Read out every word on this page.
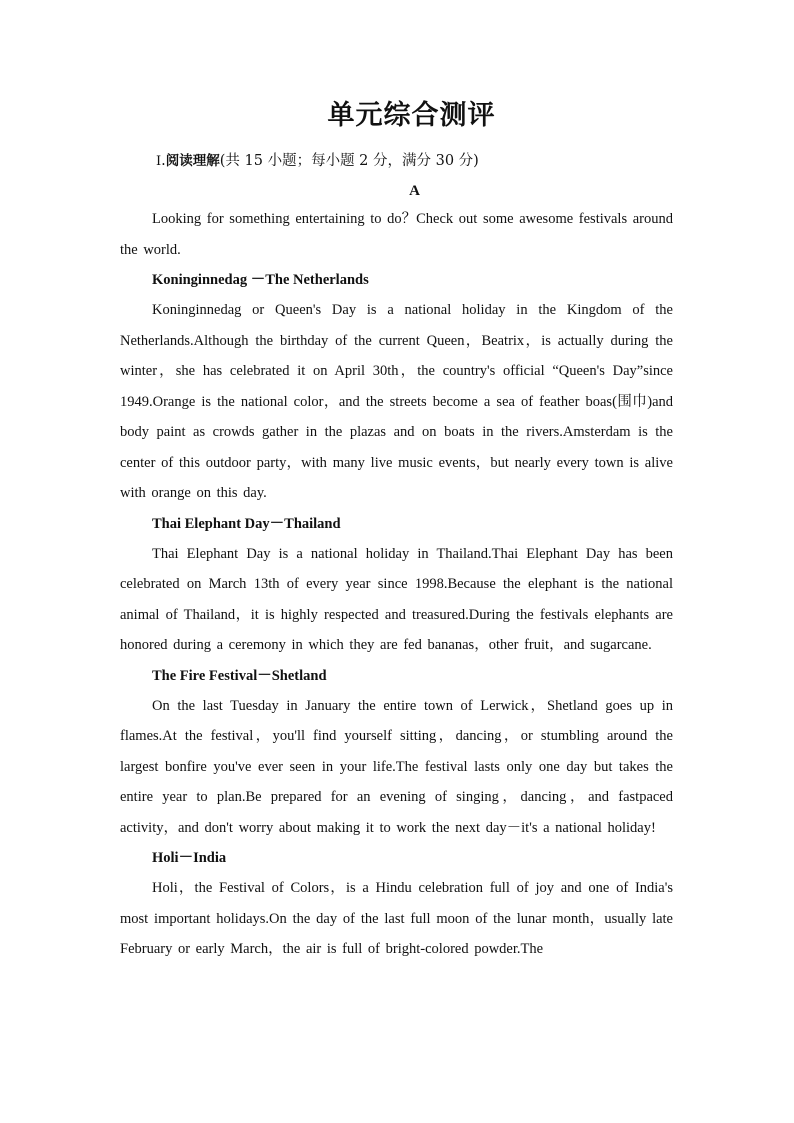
单元综合测评
Ⅰ.阅读理解(共 15 小题；每小题 2 分，满分 30 分)
A

Looking for something entertaining to do？Check out some awesome festivals around the world.

Koninginnedag －The Netherlands

Koninginnedag or Queen's Day is a national holiday in the Kingdom of the Netherlands.Although the birthday of the current Queen，Beatrix，is actually during the winter，she has celebrated it on April 30th，the country's official “Queen's Day”since 1949.Orange is the national color，and the streets become a sea of feather boas(围巾)and body paint as crowds gather in the plazas and on boats in the rivers.Amsterdam is the center of this outdoor party，with many live music events，but nearly every town is alive with orange on this day.

Thai Elephant Day－Thailand

Thai Elephant Day is a national holiday in Thailand.Thai Elephant Day has been celebrated on March 13th of every year since 1998.Because the elephant is the national animal of Thailand，it is highly respected and treasured.During the festivals elephants are honored during a ceremony in which they are fed bananas，other fruit，and sugarcane.

The Fire Festival－Shetland

On the last Tuesday in January the entire town of Lerwick，Shetland goes up in flames.At the festival，you'll find yourself sitting，dancing，or stumbling around the largest bonfire you've ever seen in your life.The festival lasts only one day but takes the entire year to plan.Be prepared for an evening of singing，dancing，and fastpaced activity，and don't worry about making it to work the next day－it's a national holiday!

Holi－India

Holi，the Festival of Colors，is a Hindu celebration full of joy and one of India's most important holidays.On the day of the last full moon of the lunar month，usually late February or early March，the air is full of bright-colored powder.The
